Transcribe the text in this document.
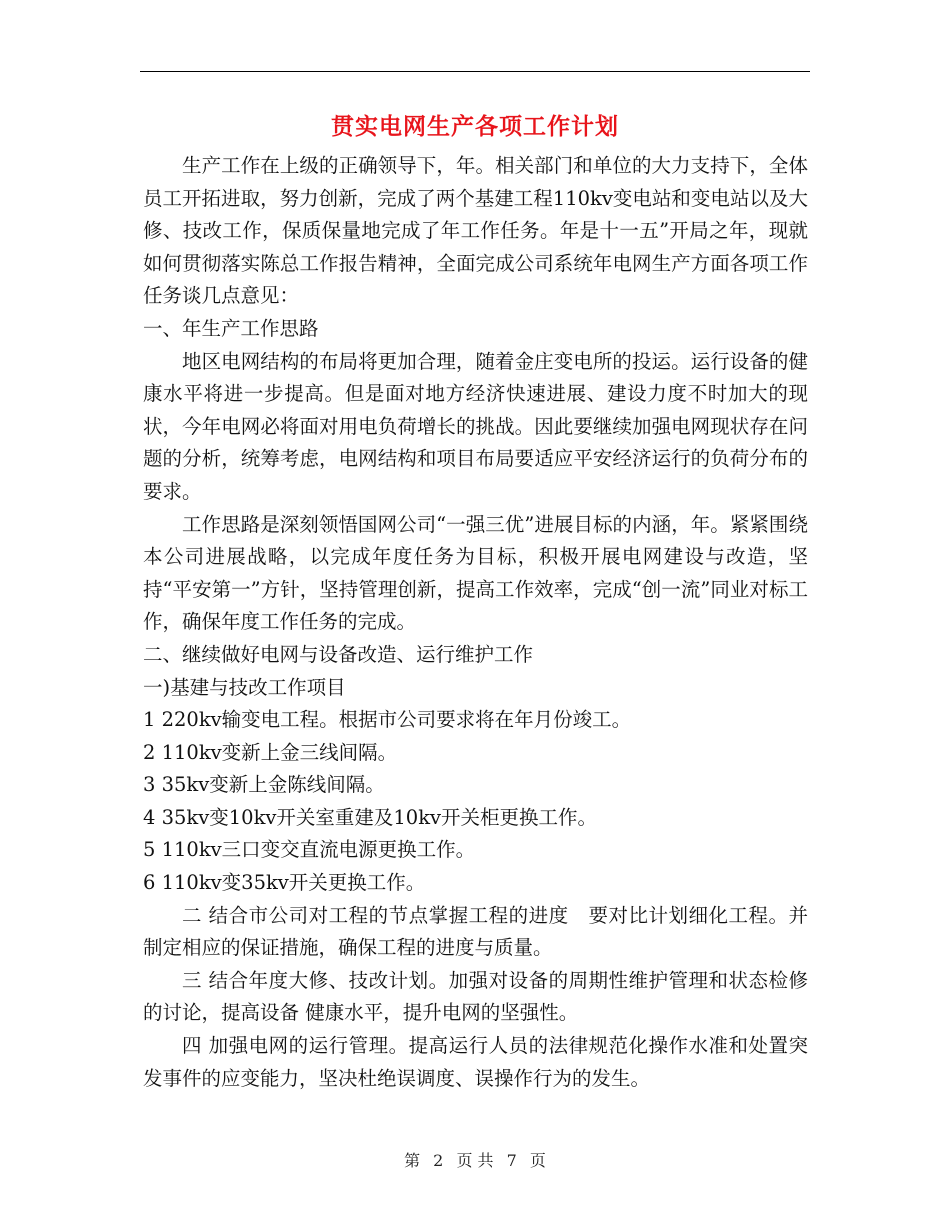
贯实电网生产各项工作计划

生产工作在上级的正确领导下，年。相关部门和单位的大力支持下，全体员工开拓进取，努力创新，完成了两个基建工程110kv变电站和变电站以及大修、技改工作，保质保量地完成了年工作任务。年是十一五”开局之年，现就如何贯彻落实陈总工作报告精神，全面完成公司系统年电网生产方面各项工作任务谈几点意见：

一、年生产工作思路

地区电网结构的布局将更加合理，随着金庄变电所的投运。运行设备的健康水平将进一步提高。但是面对地方经济快速进展、建设力度不时加大的现状，今年电网必将面对用电负荷增长的挑战。因此要继续加强电网现状存在问题的分析，统筹考虑，电网结构和项目布局要适应平安经济运行的负荷分布的要求。

工作思路是深刻领悟国网公司“一强三优”进展目标的内涵，年。紧紧围绕本公司进展战略，以完成年度任务为目标，积极开展电网建设与改造，坚持“平安第一”方针，坚持管理创新，提高工作效率，完成“创一流”同业对标工作，确保年度工作任务的完成。

二、继续做好电网与设备改造、运行维护工作

一)基建与技改工作项目

1 220kv输变电工程。根据市公司要求将在年月份竣工。

2 110kv变新上金三线间隔。

3 35kv变新上金陈线间隔。

4 35kv变10kv开关室重建及10kv开关柜更换工作。

5 110kv三口变交直流电源更换工作。

6 110kv变35kv开关更换工作。

二 结合市公司对工程的节点掌握工程的进度　要对比计划细化工程。并制定相应的保证措施，确保工程的进度与质量。

三 结合年度大修、技改计划。加强对设备的周期性维护管理和状态检修的讨论，提高设备 健康水平，提升电网的坚强性。

四 加强电网的运行管理。提高运行人员的法律规范化操作水准和处置突发事件的应变能力，坚决杜绝误调度、误操作行为的发生。

第 2 页 共 7 页
